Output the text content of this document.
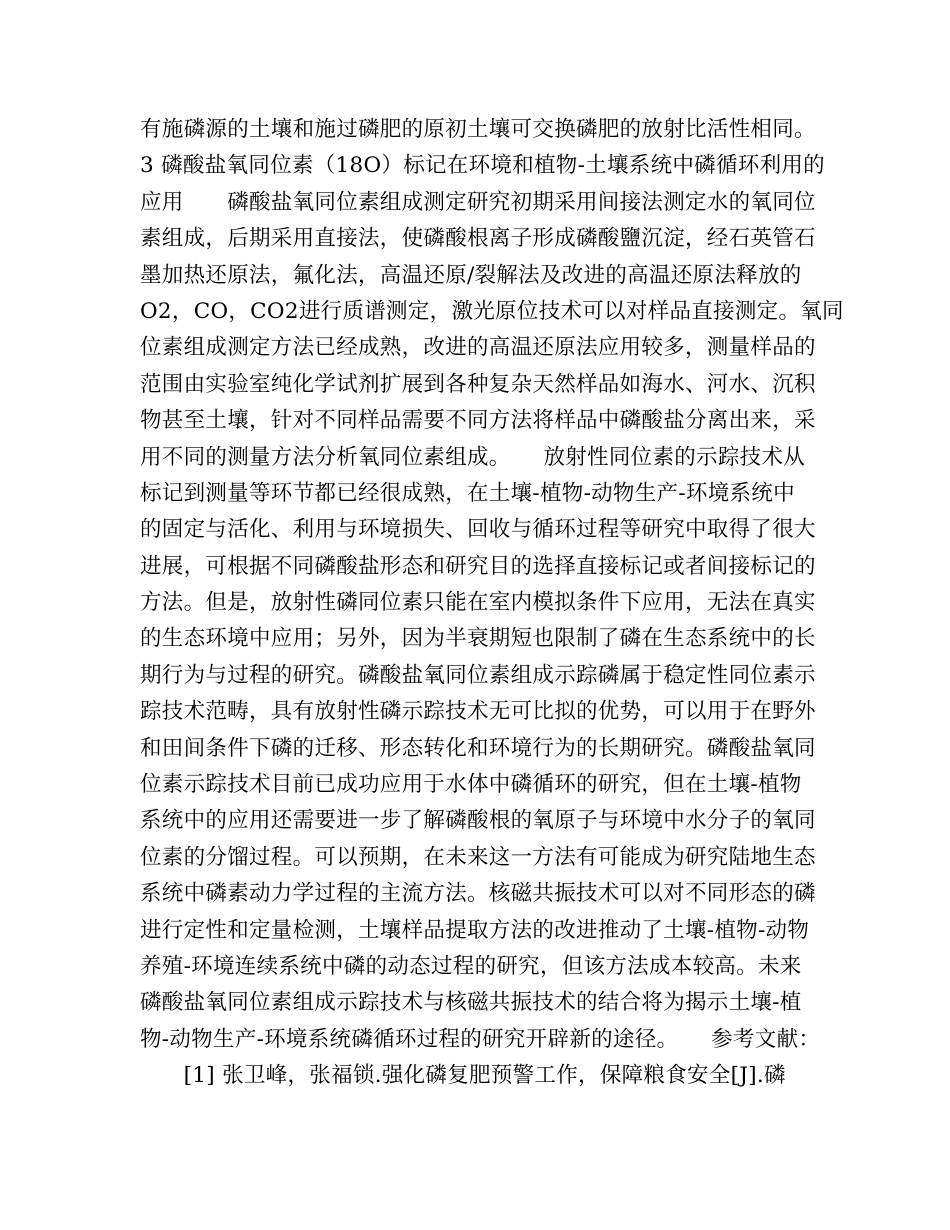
有施磷源的土壤和施过磷肥的原初土壤可交换磷肥的放射比活性相同。
3 磷酸盐氧同位素（18O）标记在环境和植物-土壤系统中磷循环利用的
应用　　磷酸盐氧同位素组成测定研究初期采用间接法测定水的氧同位
素组成，后期采用直接法，使磷酸根离子形成磷酸鹽沉淀，经石英管石
墨加热还原法，氟化法，高温还原/裂解法及改进的高温还原法释放的
O2，CO，CO2进行质谱测定，激光原位技术可以对样品直接测定。氧同
位素组成测定方法已经成熟，改进的高温还原法应用较多，测量样品的
范围由实验室纯化学试剂扩展到各种复杂天然样品如海水、河水、沉积
物甚至土壤，针对不同样品需要不同方法将样品中磷酸盐分离出来，采
用不同的测量方法分析氧同位素组成。　　放射性同位素的示踪技术从
标记到测量等环节都已经很成熟，在土壤-植物-动物生产-环境系统中
的固定与活化、利用与环境损失、回收与循环过程等研究中取得了很大
进展，可根据不同磷酸盐形态和研究目的选择直接标记或者间接标记的
方法。但是，放射性磷同位素只能在室内模拟条件下应用，无法在真实
的生态环境中应用；另外，因为半衰期短也限制了磷在生态系统中的长
期行为与过程的研究。磷酸盐氧同位素组成示踪磷属于稳定性同位素示
踪技术范畴，具有放射性磷示踪技术无可比拟的优势，可以用于在野外
和田间条件下磷的迁移、形态转化和环境行为的长期研究。磷酸盐氧同
位素示踪技术目前已成功应用于水体中磷循环的研究，但在土壤-植物
系统中的应用还需要进一步了解磷酸根的氧原子与环境中水分子的氧同
位素的分馏过程。可以预期，在未来这一方法有可能成为研究陆地生态
系统中磷素动力学过程的主流方法。核磁共振技术可以对不同形态的磷
进行定性和定量检测，土壤样品提取方法的改进推动了土壤-植物-动物
养殖-环境连续系统中磷的动态过程的研究，但该方法成本较高。未来
磷酸盐氧同位素组成示踪技术与核磁共振技术的结合将为揭示土壤-植
物-动物生产-环境系统磷循环过程的研究开辟新的途径。　　参考文献：
　　[1] 张卫峰，张福锁.强化磷复肥预警工作，保障粮食安全[J].磷
